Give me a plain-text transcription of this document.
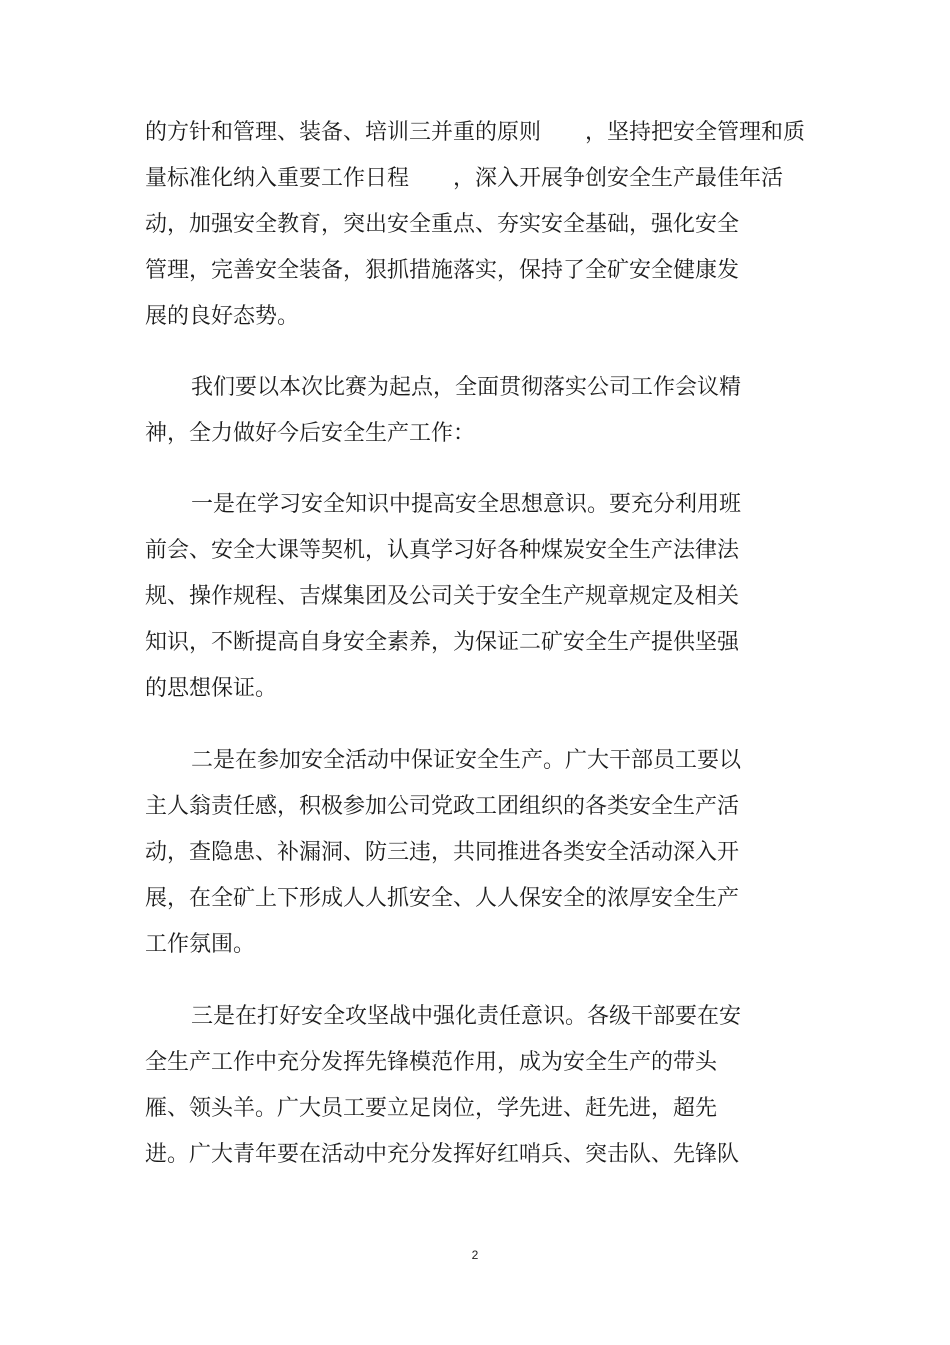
的方针和管理、装备、培训三并重的原则　　，坚持把安全管理和质
量标准化纳入重要工作日程　　，深入开展争创安全生产最佳年活
动，加强安全教育，突出安全重点、夯实安全基础，强化安全
管理，完善安全装备，狠抓措施落实，保持了全矿安全健康发
展的良好态势。
我们要以本次比赛为起点，全面贯彻落实公司工作会议精
神，全力做好今后安全生产工作：
一是在学习安全知识中提高安全思想意识。要充分利用班
前会、安全大课等契机，认真学习好各种煤炭安全生产法律法
规、操作规程、吉煤集团及公司关于安全生产规章规定及相关
知识，不断提高自身安全素养，为保证二矿安全生产提供坚强
的思想保证。
二是在参加安全活动中保证安全生产。广大干部员工要以
主人翁责任感，积极参加公司党政工团组织的各类安全生产活
动，查隐患、补漏洞、防三违，共同推进各类安全活动深入开
展，在全矿上下形成人人抓安全、人人保安全的浓厚安全生产
工作氛围。
三是在打好安全攻坚战中强化责任意识。各级干部要在安
全生产工作中充分发挥先锋模范作用，成为安全生产的带头
雁、领头羊。广大员工要立足岗位，学先进、赶先进，超先
进。广大青年要在活动中充分发挥好红哨兵、突击队、先锋队
2
